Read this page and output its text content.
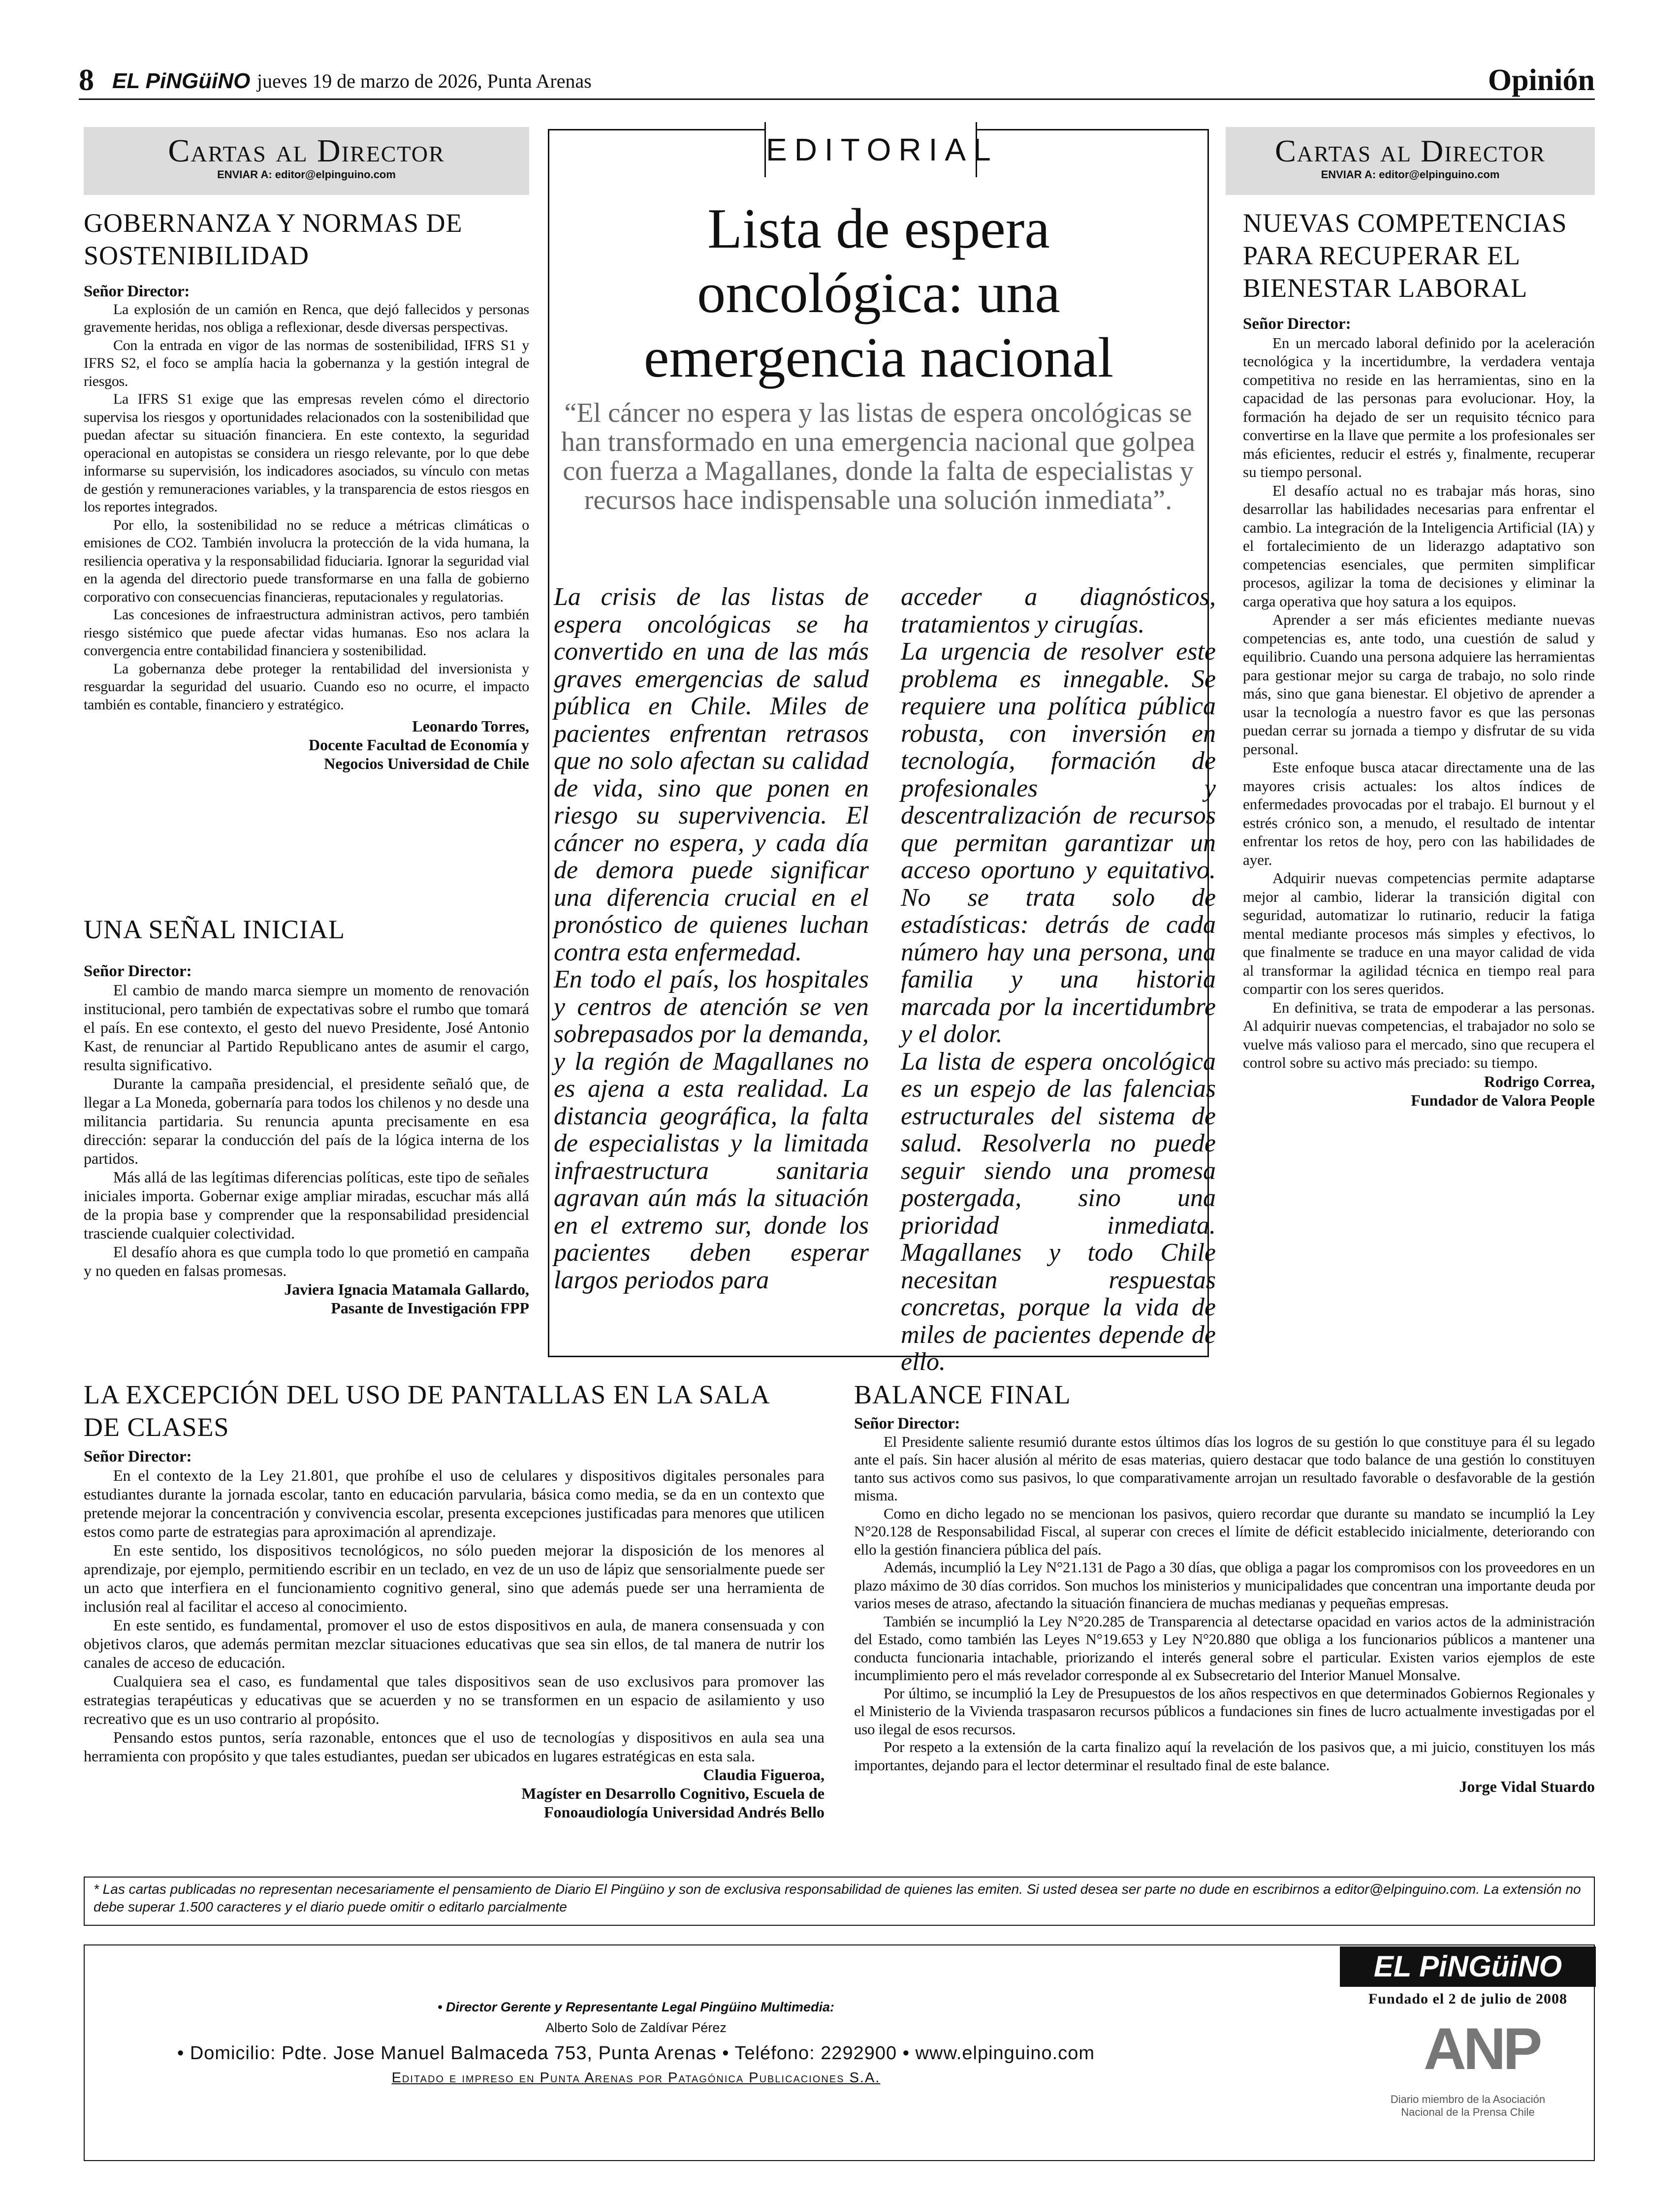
8 EL PiNGüiNO jueves 19 de marzo de 2026, Punta Arenas	Opinión
Cartas al Director
ENVIAR A: editor@elpinguino.com
GOBERNANZA Y NORMAS DE SOSTENIBILIDAD

Señor Director:

La explosión de un camión en Renca, que dejó fallecidos y personas gravemente heridas, nos obliga a reflexionar, desde diversas perspectivas.

Con la entrada en vigor de las normas de sostenibilidad, IFRS S1 y IFRS S2, el foco se amplía hacia la gobernanza y la gestión integral de riesgos.

La IFRS S1 exige que las empresas revelen cómo el directorio supervisa los riesgos y oportunidades relacionados con la sostenibilidad que puedan afectar su situación financiera. En este contexto, la seguridad operacional en autopistas se considera un riesgo relevante, por lo que debe informarse su supervisión, los indicadores asociados, su vínculo con metas de gestión y remuneraciones variables, y la transparencia de estos riesgos en los reportes integrados.

Por ello, la sostenibilidad no se reduce a métricas climáticas o emisiones de CO2. También involucra la protección de la vida humana, la resiliencia operativa y la responsabilidad fiduciaria. Ignorar la seguridad vial en la agenda del directorio puede transformarse en una falla de gobierno corporativo con consecuencias financieras, reputacionales y regulatorias.

Las concesiones de infraestructura administran activos, pero también riesgo sistémico que puede afectar vidas humanas. Eso nos aclara la convergencia entre contabilidad financiera y sostenibilidad.

La gobernanza debe proteger la rentabilidad del inversionista y resguardar la seguridad del usuario. Cuando eso no ocurre, el impacto también es contable, financiero y estratégico.

Leonardo Torres,
Docente Facultad de Economía y
Negocios Universidad de Chile
UNA SEÑAL INICIAL

Señor Director:

El cambio de mando marca siempre un momento de renovación institucional, pero también de expectativas sobre el rumbo que tomará el país. En ese contexto, el gesto del nuevo Presidente, José Antonio Kast, de renunciar al Partido Republicano antes de asumir el cargo, resulta significativo.

Durante la campaña presidencial, el presidente señaló que, de llegar a La Moneda, gobernaría para todos los chilenos y no desde una militancia partidaria. Su renuncia apunta precisamente en esa dirección: separar la conducción del país de la lógica interna de los partidos.

Más allá de las legítimas diferencias políticas, este tipo de señales iniciales importa. Gobernar exige ampliar miradas, escuchar más allá de la propia base y comprender que la responsabilidad presidencial trasciende cualquier colectividad.

El desafío ahora es que cumpla todo lo que prometió en campaña y no queden en falsas promesas.

Javiera Ignacia Matamala Gallardo,
Pasante de Investigación FPP
EDITORIAL
Lista de espera oncológica: una emergencia nacional
“El cáncer no espera y las listas de espera oncológicas se han transformado en una emergencia nacional que golpea con fuerza a Magallanes, donde la falta de especialistas y recursos hace indispensable una solución inmediata”.

La crisis de las listas de espera oncológicas se ha convertido en una de las más graves emergencias de salud pública en Chile. Miles de pacientes enfrentan retrasos que no solo afectan su calidad de vida, sino que ponen en riesgo su supervivencia. El cáncer no espera, y cada día de demora puede significar una diferencia crucial en el pronóstico de quienes luchan contra esta enfermedad.

En todo el país, los hospitales y centros de atención se ven sobrepasados por la demanda, y la región de Magallanes no es ajena a esta realidad. La distancia geográfica, la falta de especialistas y la limitada infraestructura sanitaria agravan aún más la situación en el extremo sur, donde los pacientes deben esperar largos periodos para

acceder a diagnósticos, tratamientos y cirugías.

La urgencia de resolver este problema es innegable. Se requiere una política pública robusta, con inversión en tecnología, formación de profesionales y descentralización de recursos que permitan garantizar un acceso oportuno y equitativo. No se trata solo de estadísticas: detrás de cada número hay una persona, una familia y una historia marcada por la incertidumbre y el dolor.

La lista de espera oncológica es un espejo de las falencias estructurales del sistema de salud. Resolverla no puede seguir siendo una promesa postergada, sino una prioridad inmediata. Magallanes y todo Chile necesitan respuestas concretas, porque la vida de miles de pacientes depende de ello.

Cartas al Director
ENVIAR A: editor@elpinguino.com
NUEVAS COMPETENCIAS PARA RECUPERAR EL BIENESTAR LABORAL

Señor Director:

En un mercado laboral definido por la aceleración tecnológica y la incertidumbre, la verdadera ventaja competitiva no reside en las herramientas, sino en la capacidad de las personas para evolucionar. Hoy, la formación ha dejado de ser un requisito técnico para convertirse en la llave que permite a los profesionales ser más eficientes, reducir el estrés y, finalmente, recuperar su tiempo personal.

El desafío actual no es trabajar más horas, sino desarrollar las habilidades necesarias para enfrentar el cambio. La integración de la Inteligencia Artificial (IA) y el fortalecimiento de un liderazgo adaptativo son competencias esenciales, que permiten simplificar procesos, agilizar la toma de decisiones y eliminar la carga operativa que hoy satura a los equipos.

Aprender a ser más eficientes mediante nuevas competencias es, ante todo, una cuestión de salud y equilibrio. Cuando una persona adquiere las herramientas para gestionar mejor su carga de trabajo, no solo rinde más, sino que gana bienestar. El objetivo de aprender a usar la tecnología a nuestro favor es que las personas puedan cerrar su jornada a tiempo y disfrutar de su vida personal.

Este enfoque busca atacar directamente una de las mayores crisis actuales: los altos índices de enfermedades provocadas por el trabajo. El burnout y el estrés crónico son, a menudo, el resultado de intentar enfrentar los retos de hoy, pero con las habilidades de ayer.

Adquirir nuevas competencias permite adaptarse mejor al cambio, liderar la transición digital con seguridad, automatizar lo rutinario, reducir la fatiga mental mediante procesos más simples y efectivos, lo que finalmente se traduce en una mayor calidad de vida al transformar la agilidad técnica en tiempo real para compartir con los seres queridos.

En definitiva, se trata de empoderar a las personas. Al adquirir nuevas competencias, el trabajador no solo se vuelve más valioso para el mercado, sino que recupera el control sobre su activo más preciado: su tiempo.

Rodrigo Correa,
Fundador de Valora People
LA EXCEPCIÓN DEL USO DE PANTALLAS EN LA SALA DE CLASES

Señor Director:

En el contexto de la Ley 21.801, que prohíbe el uso de celulares y dispositivos digitales personales para estudiantes durante la jornada escolar, tanto en educación parvularia, básica como media, se da en un contexto que pretende mejorar la concentración y convivencia escolar, presenta excepciones justificadas para menores que utilicen estos como parte de estrategias para aproximación al aprendizaje.

En este sentido, los dispositivos tecnológicos, no sólo pueden mejorar la disposición de los menores al aprendizaje, por ejemplo, permitiendo escribir en un teclado, en vez de un uso de lápiz que sensorialmente puede ser un acto que interfiera en el funcionamiento cognitivo general, sino que además puede ser una herramienta de inclusión real al facilitar el acceso al conocimiento.

En este sentido, es fundamental, promover el uso de estos dispositivos en aula, de manera consensuada y con objetivos claros, que además permitan mezclar situaciones educativas que sea sin ellos, de tal manera de nutrir los canales de acceso de educación.

Cualquiera sea el caso, es fundamental que tales dispositivos sean de uso exclusivos para promover las estrategias terapéuticas y educativas que se acuerden y no se transformen en un espacio de asilamiento y uso recreativo que es un uso contrario al propósito.

Pensando estos puntos, sería razonable, entonces que el uso de tecnologías y dispositivos en aula sea una herramienta con propósito y que tales estudiantes, puedan ser ubicados en lugares estratégicas en esta sala.

Claudia Figueroa,
Magíster en Desarrollo Cognitivo, Escuela de
Fonoaudiología Universidad Andrés Bello
BALANCE FINAL

Señor Director:

El Presidente saliente resumió durante estos últimos días los logros de su gestión lo que constituye para él su legado ante el país. Sin hacer alusión al mérito de esas materias, quiero destacar que todo balance de una gestión lo constituyen tanto sus activos como sus pasivos, lo que comparativamente arrojan un resultado favorable o desfavorable de la gestión misma.

Como en dicho legado no se mencionan los pasivos, quiero recordar que durante su mandato se incumplió la Ley N°20.128 de Responsabilidad Fiscal, al superar con creces el límite de déficit establecido inicialmente, deteriorando con ello la gestión financiera pública del país.

Además, incumplió la Ley N°21.131 de Pago a 30 días, que obliga a pagar los compromisos con los proveedores en un plazo máximo de 30 días corridos. Son muchos los ministerios y municipalidades que concentran una importante deuda por varios meses de atraso, afectando la situación financiera de muchas medianas y pequeñas empresas.

También se incumplió la Ley N°20.285 de Transparencia al detectarse opacidad en varios actos de la administración del Estado, como también las Leyes N°19.653 y Ley N°20.880 que obliga a los funcionarios públicos a mantener una conducta funcionaria intachable, priorizando el interés general sobre el particular. Existen varios ejemplos de este incumplimiento pero el más revelador corresponde al ex Subsecretario del Interior Manuel Monsalve.

Por último, se incumplió la Ley de Presupuestos de los años respectivos en que determinados Gobiernos Regionales y el Ministerio de la Vivienda traspasaron recursos públicos a fundaciones sin fines de lucro actualmente investigadas por el uso ilegal de esos recursos.

Por respeto a la extensión de la carta finalizo aquí la revelación de los pasivos que, a mi juicio, constituyen los más importantes, dejando para el lector determinar el resultado final de este balance.

Jorge Vidal Stuardo
* Las cartas publicadas no representan necesariamente el pensamiento de Diario El Pingüino y son de exclusiva responsabilidad de quienes las emiten. Si usted desea ser parte no dude en escribirnos a editor@elpinguino.com. La extensión no debe superar 1.500 caracteres y el diario puede omitir o editarlo parcialmente
• Director Gerente y Representante Legal Pingüino Multimedia:
Alberto Solo de Zaldívar Pérez
• Domicilio: Pdte. Jose Manuel Balmaceda 753, Punta Arenas • Teléfono: 2292900 • www.elpinguino.com
Editado e impreso en Punta Arenas por Patagónica Publicaciones S.A.
EL PiNGüiNO
Fundado el 2 de julio de 2008
ANP
Diario miembro de la Asociación
Nacional de la Prensa Chile
